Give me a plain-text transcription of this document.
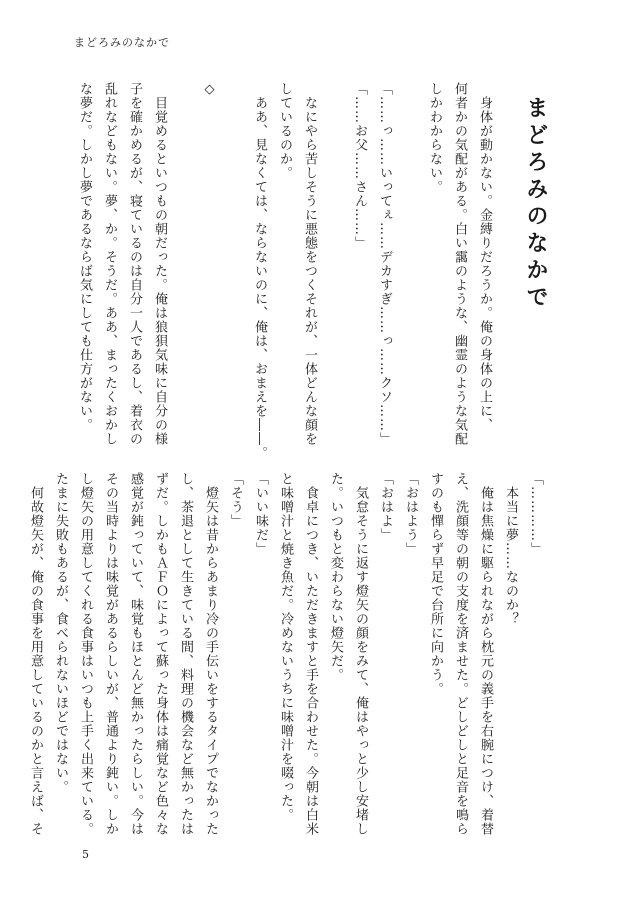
まどろみのなかで
まどろみのなかで
　身体が動かない。金縛りだろうか。俺の身体の上に、
何者かの気配がある。白い靄のような、幽霊のような気配
しかわからない。

「……っ……いってぇ……デカすぎ……っ……クソ……」
「……お父……さん……」

　なにやら苦しそうに悪態をつくそれが、一体どんな顔を
しているのか。
　ああ、見なくては、ならないのに、俺は、おまえを――。

◇

　目覚めるといつもの朝だった。俺は狼狽気味に自分の様
子を確かめるが、寝ているのは自分一人であるし、着衣の
乱れなどもない。夢、か。そうだ。ああ、まったくおかし
な夢だ。しかし夢であるならば気にしても仕方がない。
「…………」
　本当に夢……なのか？
　俺は焦燥に駆られながら枕元の義手を右腕につけ、着替
え、洗顔等の朝の支度を済ませた。どしどしと足音を鳴ら
すのも憚らず早足で台所に向かう。
「おはよう」
「おはよ」
　気怠そうに返す燈矢の顔をみて、俺はやっと少し安堵し
た。いつもと変わらない燈矢だ。
　食卓につき、いただきますと手を合わせた。今朝は白米
と味噌汁と焼き魚だ。冷めないうちに味噌汁を啜った。
「いい味だ」
「そう」
　燈矢は昔からあまり冷の手伝いをするタイプでなかった
し、茶退として生きている間、料理の機会など無かったは
ずだ。しかもＡＦＯによって蘇った身体は痛覚など色々な
感覚が鈍っていて、味覚もほとんど無かったらしい。今は
その当時よりは味覚があるらしいが、普通より鈍い。しか
し燈矢の用意してくれる食事はいつも上手く出来ている。
たまに失敗もあるが、食べられないほどではない。
　何故燈矢が、俺の食事を用意しているのかと言えば、そ
5
